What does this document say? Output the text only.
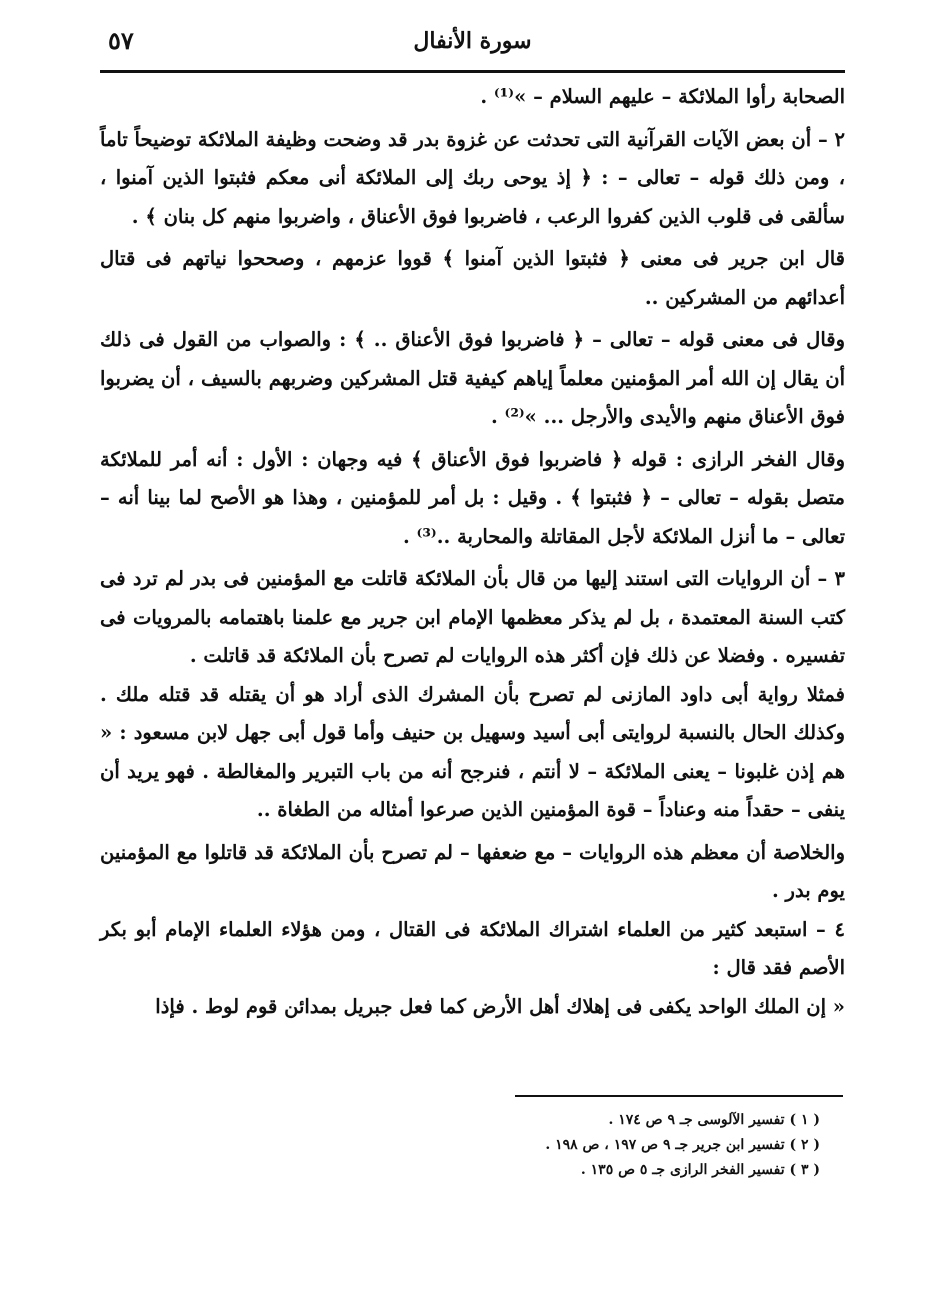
٥٧	سورة الأنفال

الصحابة رأوا الملائكة – عليهم السلام – »⁽¹⁾ .

٢ – أن بعض الآيات القرآنية التى تحدثت عن غزوة بدر قد وضحت وظيفة الملائكة توضيحاً تاماً ، ومن ذلك قوله – تعالى – : ﴿ إذ يوحى ربك إلى الملائكة أنى معكم فثبتوا الذين آمنوا ، سألقى فى قلوب الذين كفروا الرعب ، فاضربوا فوق الأعناق ، واضربوا منهم كل بنان ﴾ .

قال ابن جرير فى معنى ﴿ فثبتوا الذين آمنوا ﴾ قووا عزمهم ، وصححوا نياتهم فى قتال أعدائهم من المشركين ..

وقال فى معنى قوله – تعالى – ﴿ فاضربوا فوق الأعناق .. ﴾ : والصواب من القول فى ذلك أن يقال إن الله أمر المؤمنين معلماً إياهم كيفية قتل المشركين وضربهم بالسيف ، أن يضربوا فوق الأعناق منهم والأيدى والأرجل ... »⁽²⁾ .

وقال الفخر الرازى : قوله ﴿ فاضربوا فوق الأعناق ﴾ فيه وجهان : الأول : أنه أمر للملائكة متصل بقوله – تعالى – ﴿ فثبتوا ﴾ . وقيل : بل أمر للمؤمنين ، وهذا هو الأصح لما بينا أنه – تعالى – ما أنزل الملائكة لأجل المقاتلة والمحاربة ..⁽³⁾ .

٣ – أن الروايات التى استند إليها من قال بأن الملائكة قاتلت مع المؤمنين فى بدر لم ترد فى كتب السنة المعتمدة ، بل لم يذكر معظمها الإمام ابن جرير مع علمنا باهتمامه بالمرويات فى تفسيره . وفضلا عن ذلك فإن أكثر هذه الروايات لم تصرح بأن الملائكة قد قاتلت .

فمثلا رواية أبى داود المازنى لم تصرح بأن المشرك الذى أراد هو أن يقتله قد قتله ملك . وكذلك الحال بالنسبة لروايتى أبى أسيد وسهيل بن حنيف وأما قول أبى جهل لابن مسعود : « هم إذن غلبونا – يعنى الملائكة – لا أنتم ، فنرجح أنه من باب التبرير والمغالطة . فهو يريد أن ينفى – حقداً منه وعناداً – قوة المؤمنين الذين صرعوا أمثاله من الطغاة ..

والخلاصة أن معظم هذه الروايات – مع ضعفها – لم تصرح بأن الملائكة قد قاتلوا مع المؤمنين يوم بدر .

٤ – استبعد كثير من العلماء اشتراك الملائكة فى القتال ، ومن هؤلاء العلماء الإمام أبو بكر الأصم فقد قال :

« إن الملك الواحد يكفى فى إهلاك أهل الأرض كما فعل جبريل بمدائن قوم لوط . فإذا

( ١ ) تفسير الآلوسى جـ ٩ ص ١٧٤ .
( ٢ ) تفسير ابن جرير جـ ٩ ص ١٩٧ ، ص ١٩٨ .
( ٣ ) تفسير الفخر الرازى جـ ٥ ص ١٣٥ .
